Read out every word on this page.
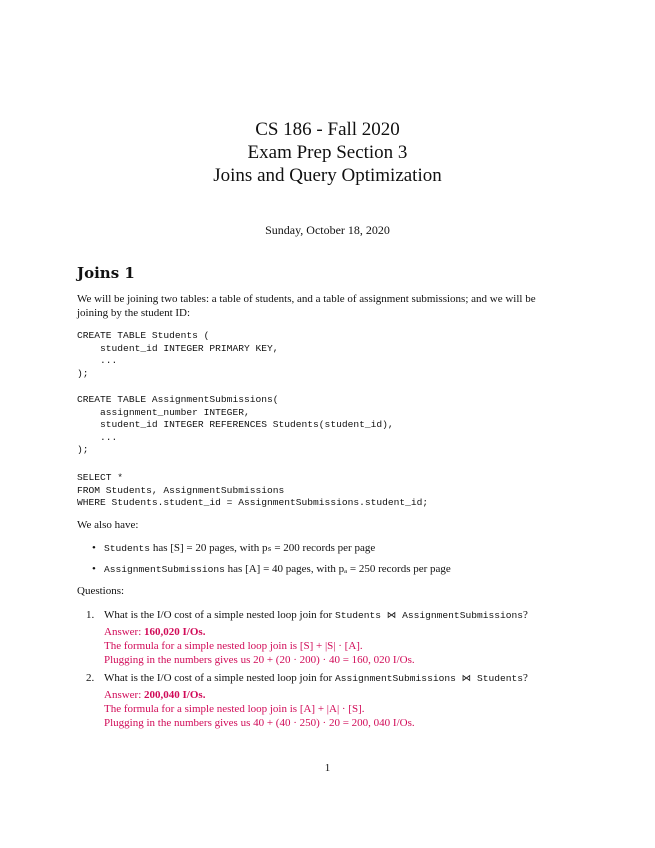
CS 186 - Fall 2020
Exam Prep Section 3
Joins and Query Optimization
Sunday, October 18, 2020
Joins 1
We will be joining two tables: a table of students, and a table of assignment submissions; and we will be
joining by the student ID:
CREATE TABLE Students (
student_id INTEGER PRIMARY KEY,
...
);
CREATE TABLE AssignmentSubmissions(
assignment_number INTEGER,
student_id INTEGER REFERENCES Students(student_id),
...
);
SELECT *
FROM Students, AssignmentSubmissions
WHERE Students.student_id = AssignmentSubmissions.student_id;
We also have:
• Students has [S] = 20 pages, with pₛ = 200 records per page
• AssignmentSubmissions has [A] = 40 pages, with pₐ = 250 records per page
Questions:
1. What is the I/O cost of a simple nested loop join for Students ⋈ AssignmentSubmissions?
Answer: 160,020 I/Os.
The formula for a simple nested loop join is [S] + |S| · [A].
Plugging in the numbers gives us 20 + (20 · 200) · 40 = 160, 020 I/Os.
2. What is the I/O cost of a simple nested loop join for AssignmentSubmissions ⋈ Students?
Answer: 200,040 I/Os.
The formula for a simple nested loop join is [A] + |A| · [S].
Plugging in the numbers gives us 40 + (40 · 250) · 20 = 200, 040 I/Os.
1
